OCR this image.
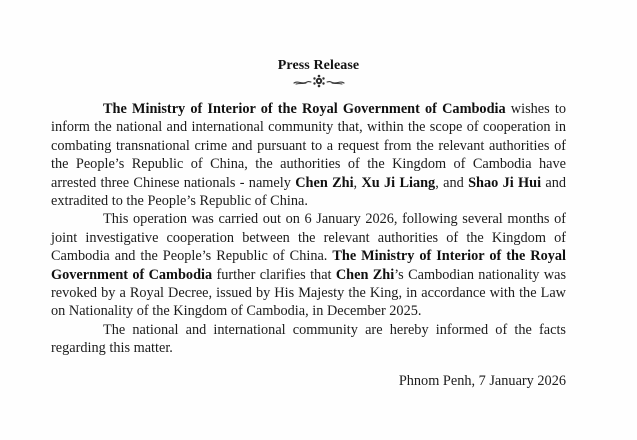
Press Release

The Ministry of Interior of the Royal Government of Cambodia wishes to inform the national and international community that, within the scope of cooperation in combating transnational crime and pursuant to a request from the relevant authorities of the People’s Republic of China, the authorities of the Kingdom of Cambodia have arrested three Chinese nationals - namely Chen Zhi, Xu Ji Liang, and Shao Ji Hui and extradited to the People’s Republic of China.

This operation was carried out on 6 January 2026, following several months of joint investigative cooperation between the relevant authorities of the Kingdom of Cambodia and the People’s Republic of China. The Ministry of Interior of the Royal Government of Cambodia further clarifies that Chen Zhi’s Cambodian nationality was revoked by a Royal Decree, issued by His Majesty the King, in accordance with the Law on Nationality of the Kingdom of Cambodia, in December 2025.

The national and international community are hereby informed of the facts regarding this matter.

Phnom Penh, 7 January 2026
